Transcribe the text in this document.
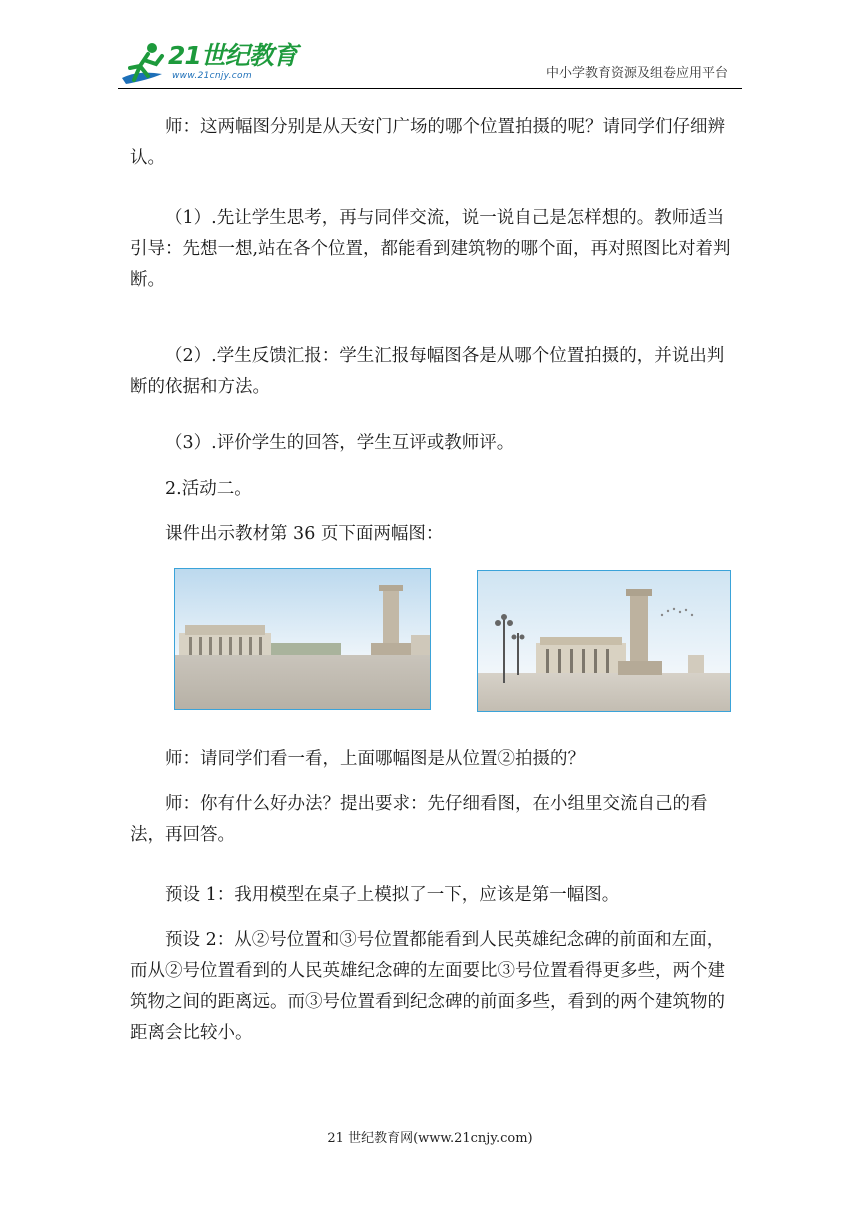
21世纪教育
www.21cnjy.com	中小学教育资源及组卷应用平台

师：这两幅图分别是从天安门广场的哪个位置拍摄的呢？请同学们仔细辨认。

（1）.先让学生思考，再与同伴交流，说一说自己是怎样想的。教师适当引导：先想一想,站在各个位置，都能看到建筑物的哪个面，再对照图比对着判断。

（2）.学生反馈汇报：学生汇报每幅图各是从哪个位置拍摄的，并说出判断的依据和方法。

（3）.评价学生的回答，学生互评或教师评。

2.活动二。

课件出示教材第 36 页下面两幅图：

师：请同学们看一看，上面哪幅图是从位置②拍摄的？

师：你有什么好办法？提出要求：先仔细看图，在小组里交流自己的看法，再回答。

预设 1：我用模型在桌子上模拟了一下，应该是第一幅图。

预设 2：从②号位置和③号位置都能看到人民英雄纪念碑的前面和左面，而从②号位置看到的人民英雄纪念碑的左面要比③号位置看得更多些，两个建筑物之间的距离远。而③号位置看到纪念碑的前面多些，看到的两个建筑物的距离会比较小。

21 世纪教育网(www.21cnjy.com)
